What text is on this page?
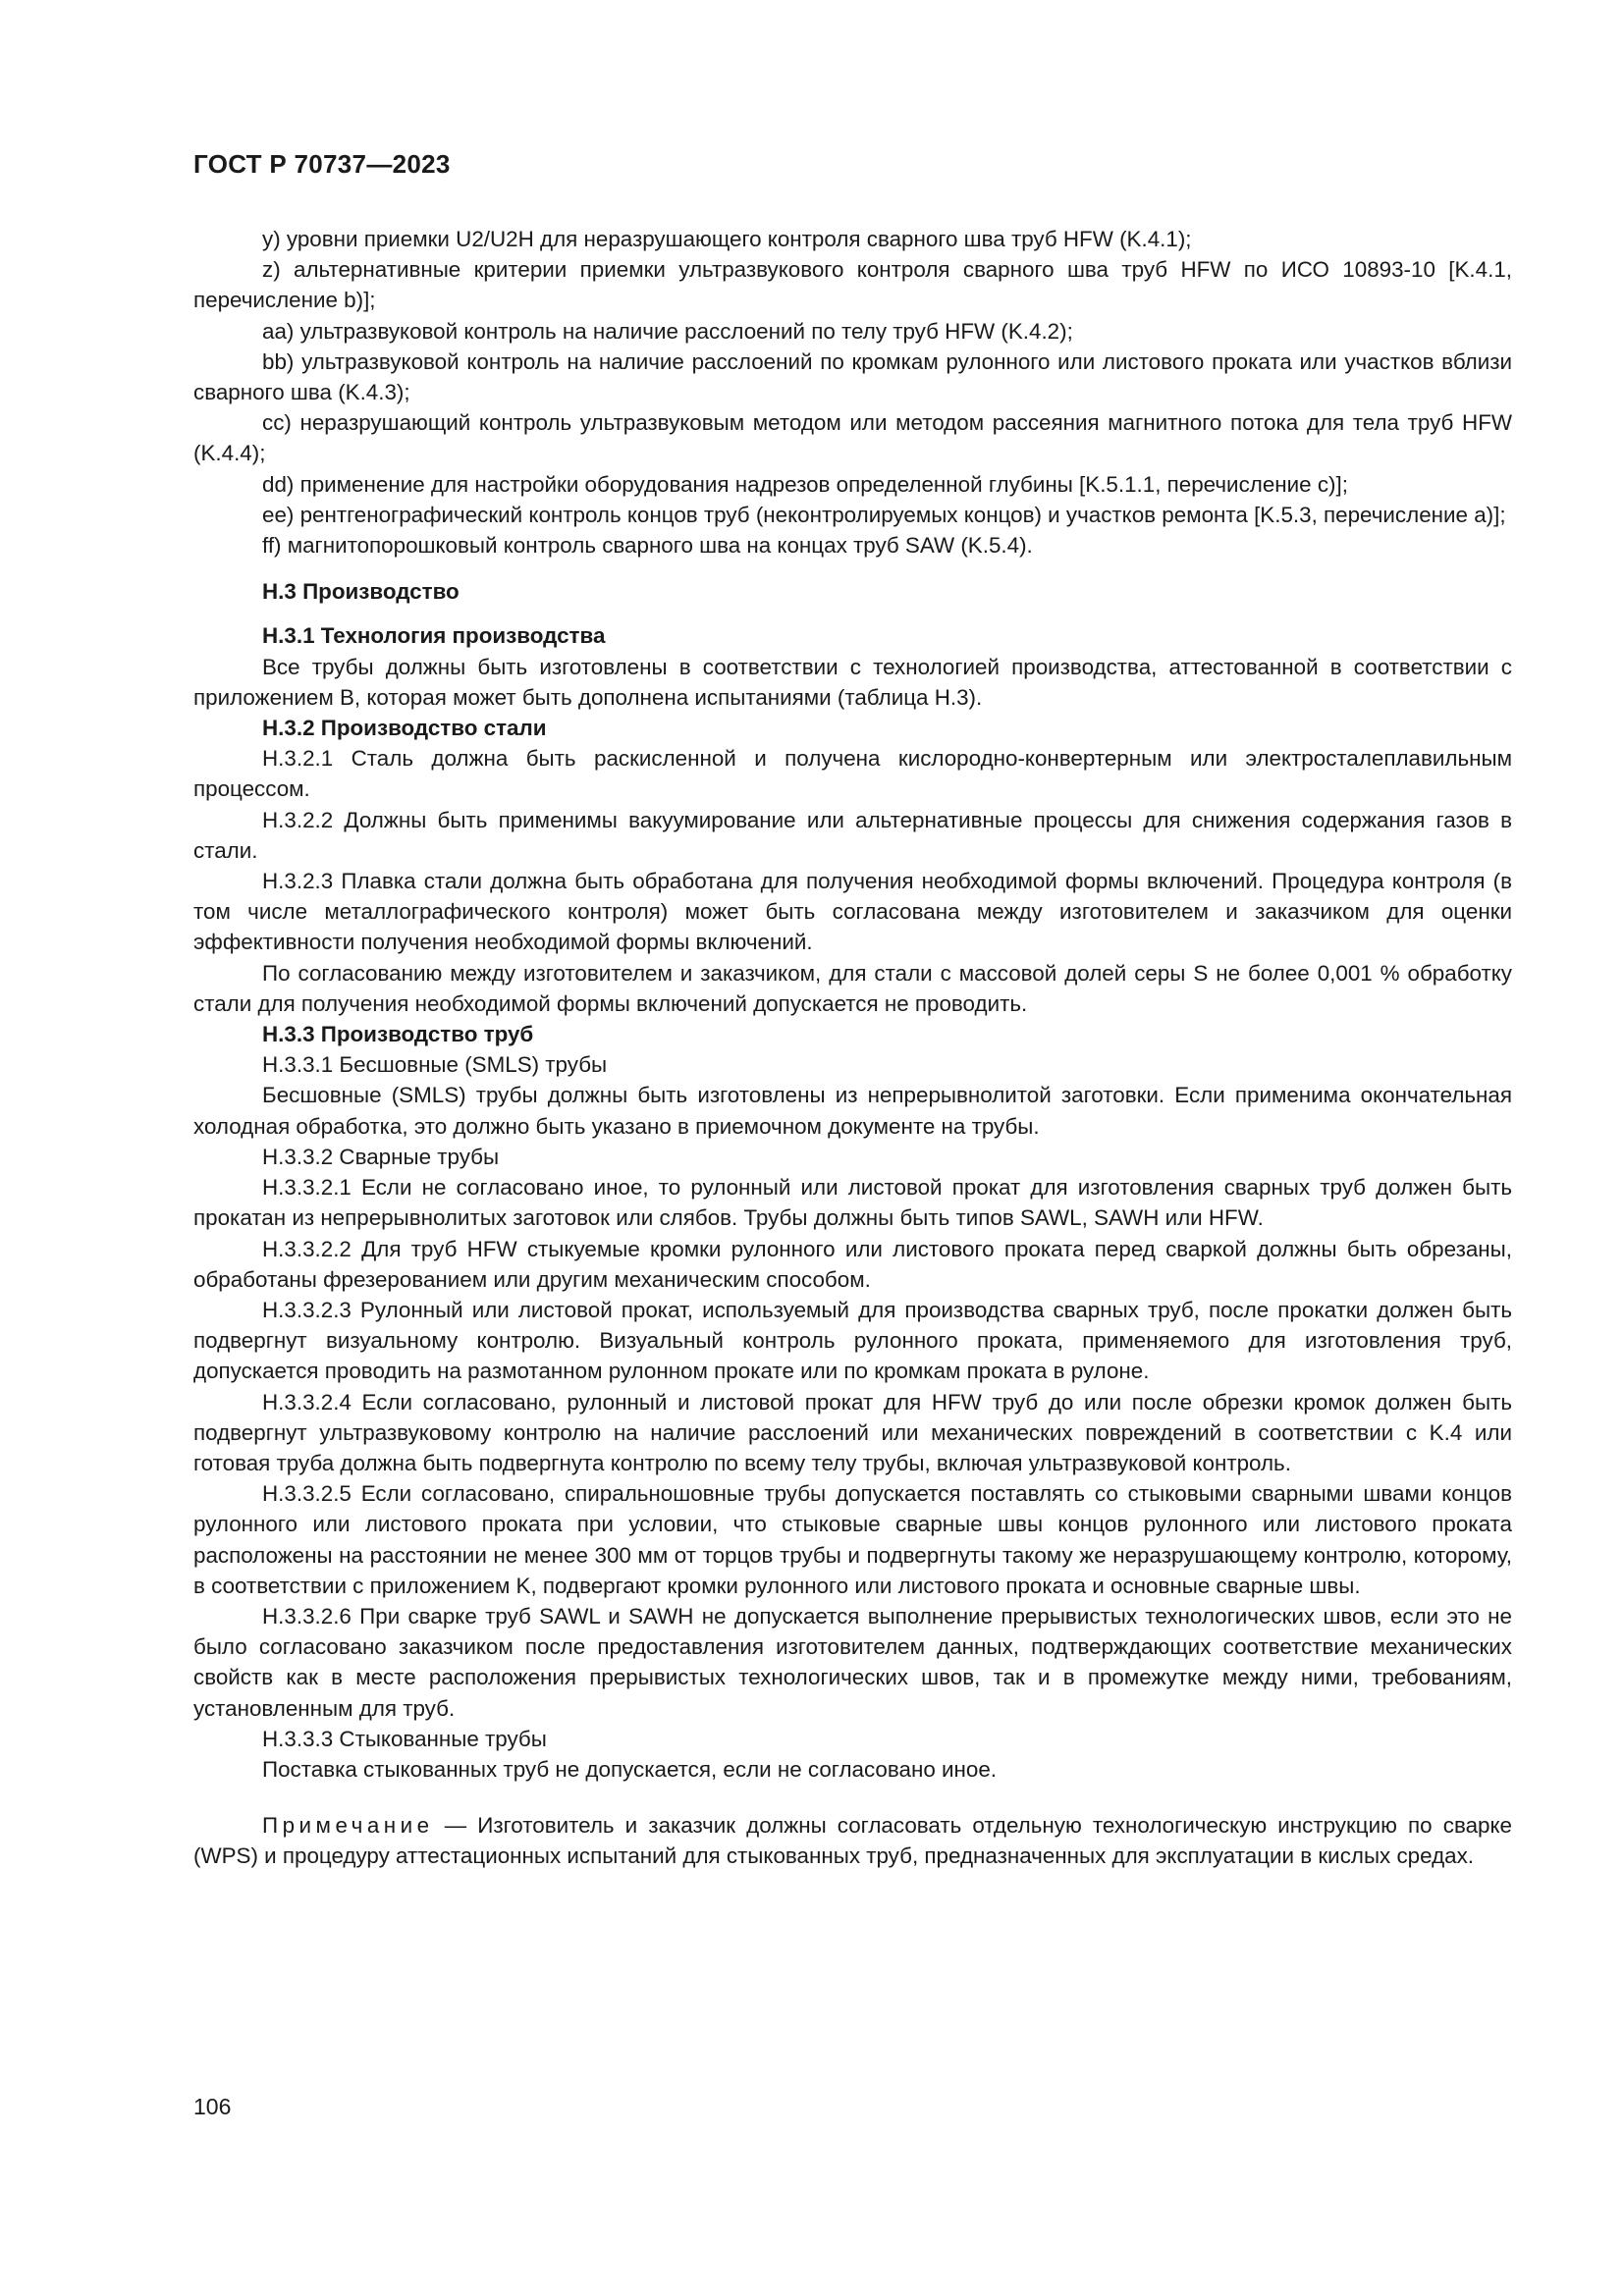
ГОСТ Р 70737—2023

y) уровни приемки U2/U2H для неразрушающего контроля сварного шва труб HFW (K.4.1);

z) альтернативные критерии приемки ультразвукового контроля сварного шва труб HFW по ИСО 10893-10 [K.4.1, перечисление b)];

аа) ультразвуковой контроль на наличие расслоений по телу труб HFW (K.4.2);

bb) ультразвуковой контроль на наличие расслоений по кромкам рулонного или листового проката или участков вблизи сварного шва (K.4.3);

cc) неразрушающий контроль ультразвуковым методом или методом рассеяния магнитного потока для тела труб HFW (K.4.4);

dd) применение для настройки оборудования надрезов определенной глубины [K.5.1.1, перечисление c)];

ee) рентгенографический контроль концов труб (неконтролируемых концов) и участков ремонта [K.5.3, перечисление а)];

ff) магнитопорошковый контроль сварного шва на концах труб SAW (K.5.4).

H.3 Производство

H.3.1 Технология производства

Все трубы должны быть изготовлены в соответствии с технологией производства, аттестованной в соответствии с приложением В, которая может быть дополнена испытаниями (таблица Н.3).

Н.3.2 Производство стали

Н.3.2.1 Сталь должна быть раскисленной и получена кислородно-конвертерным или электросталеплавильным процессом.

Н.3.2.2 Должны быть применимы вакуумирование или альтернативные процессы для снижения содержания газов в стали.

Н.3.2.3 Плавка стали должна быть обработана для получения необходимой формы включений. Процедура контроля (в том числе металлографического контроля) может быть согласована между изготовителем и заказчиком для оценки эффективности получения необходимой формы включений.

По согласованию между изготовителем и заказчиком, для стали с массовой долей серы S не более 0,001 % обработку стали для получения необходимой формы включений допускается не проводить.

Н.3.3 Производство труб

Н.3.3.1 Бесшовные (SMLS) трубы

Бесшовные (SMLS) трубы должны быть изготовлены из непрерывнолитой заготовки. Если применима окончательная холодная обработка, это должно быть указано в приемочном документе на трубы.

Н.3.3.2 Сварные трубы

Н.3.3.2.1 Если не согласовано иное, то рулонный или листовой прокат для изготовления сварных труб должен быть прокатан из непрерывнолитых заготовок или слябов. Трубы должны быть типов SAWL, SAWH или HFW.

Н.3.3.2.2 Для труб HFW стыкуемые кромки рулонного или листового проката перед сваркой должны быть обрезаны, обработаны фрезерованием или другим механическим способом.

Н.3.3.2.3 Рулонный или листовой прокат, используемый для производства сварных труб, после прокатки должен быть подвергнут визуальному контролю. Визуальный контроль рулонного проката, применяемого для изготовления труб, допускается проводить на размотанном рулонном прокате или по кромкам проката в рулоне.

Н.3.3.2.4 Если согласовано, рулонный и листовой прокат для HFW труб до или после обрезки кромок должен быть подвергнут ультразвуковому контролю на наличие расслоений или механических повреждений в соответствии с K.4 или готовая труба должна быть подвергнута контролю по всему телу трубы, включая ультразвуковой контроль.

Н.3.3.2.5 Если согласовано, спиральношовные трубы допускается поставлять со стыковыми сварными швами концов рулонного или листового проката при условии, что стыковые сварные швы концов рулонного или листового проката расположены на расстоянии не менее 300 мм от торцов трубы и подвергнуты такому же неразрушающему контролю, которому, в соответствии с приложением K, подвергают кромки рулонного или листового проката и основные сварные швы.

Н.3.3.2.6 При сварке труб SAWL и SAWH не допускается выполнение прерывистых технологических швов, если это не было согласовано заказчиком после предоставления изготовителем данных, подтверждающих соответствие механических свойств как в месте расположения прерывистых технологических швов, так и в промежутке между ними, требованиям, установленным для труб.

Н.3.3.3 Стыкованные трубы

Поставка стыкованных труб не допускается, если не согласовано иное.

Примечание — Изготовитель и заказчик должны согласовать отдельную технологическую инструкцию по сварке (WPS) и процедуру аттестационных испытаний для стыкованных труб, предназначенных для эксплуатации в кислых средах.

106
